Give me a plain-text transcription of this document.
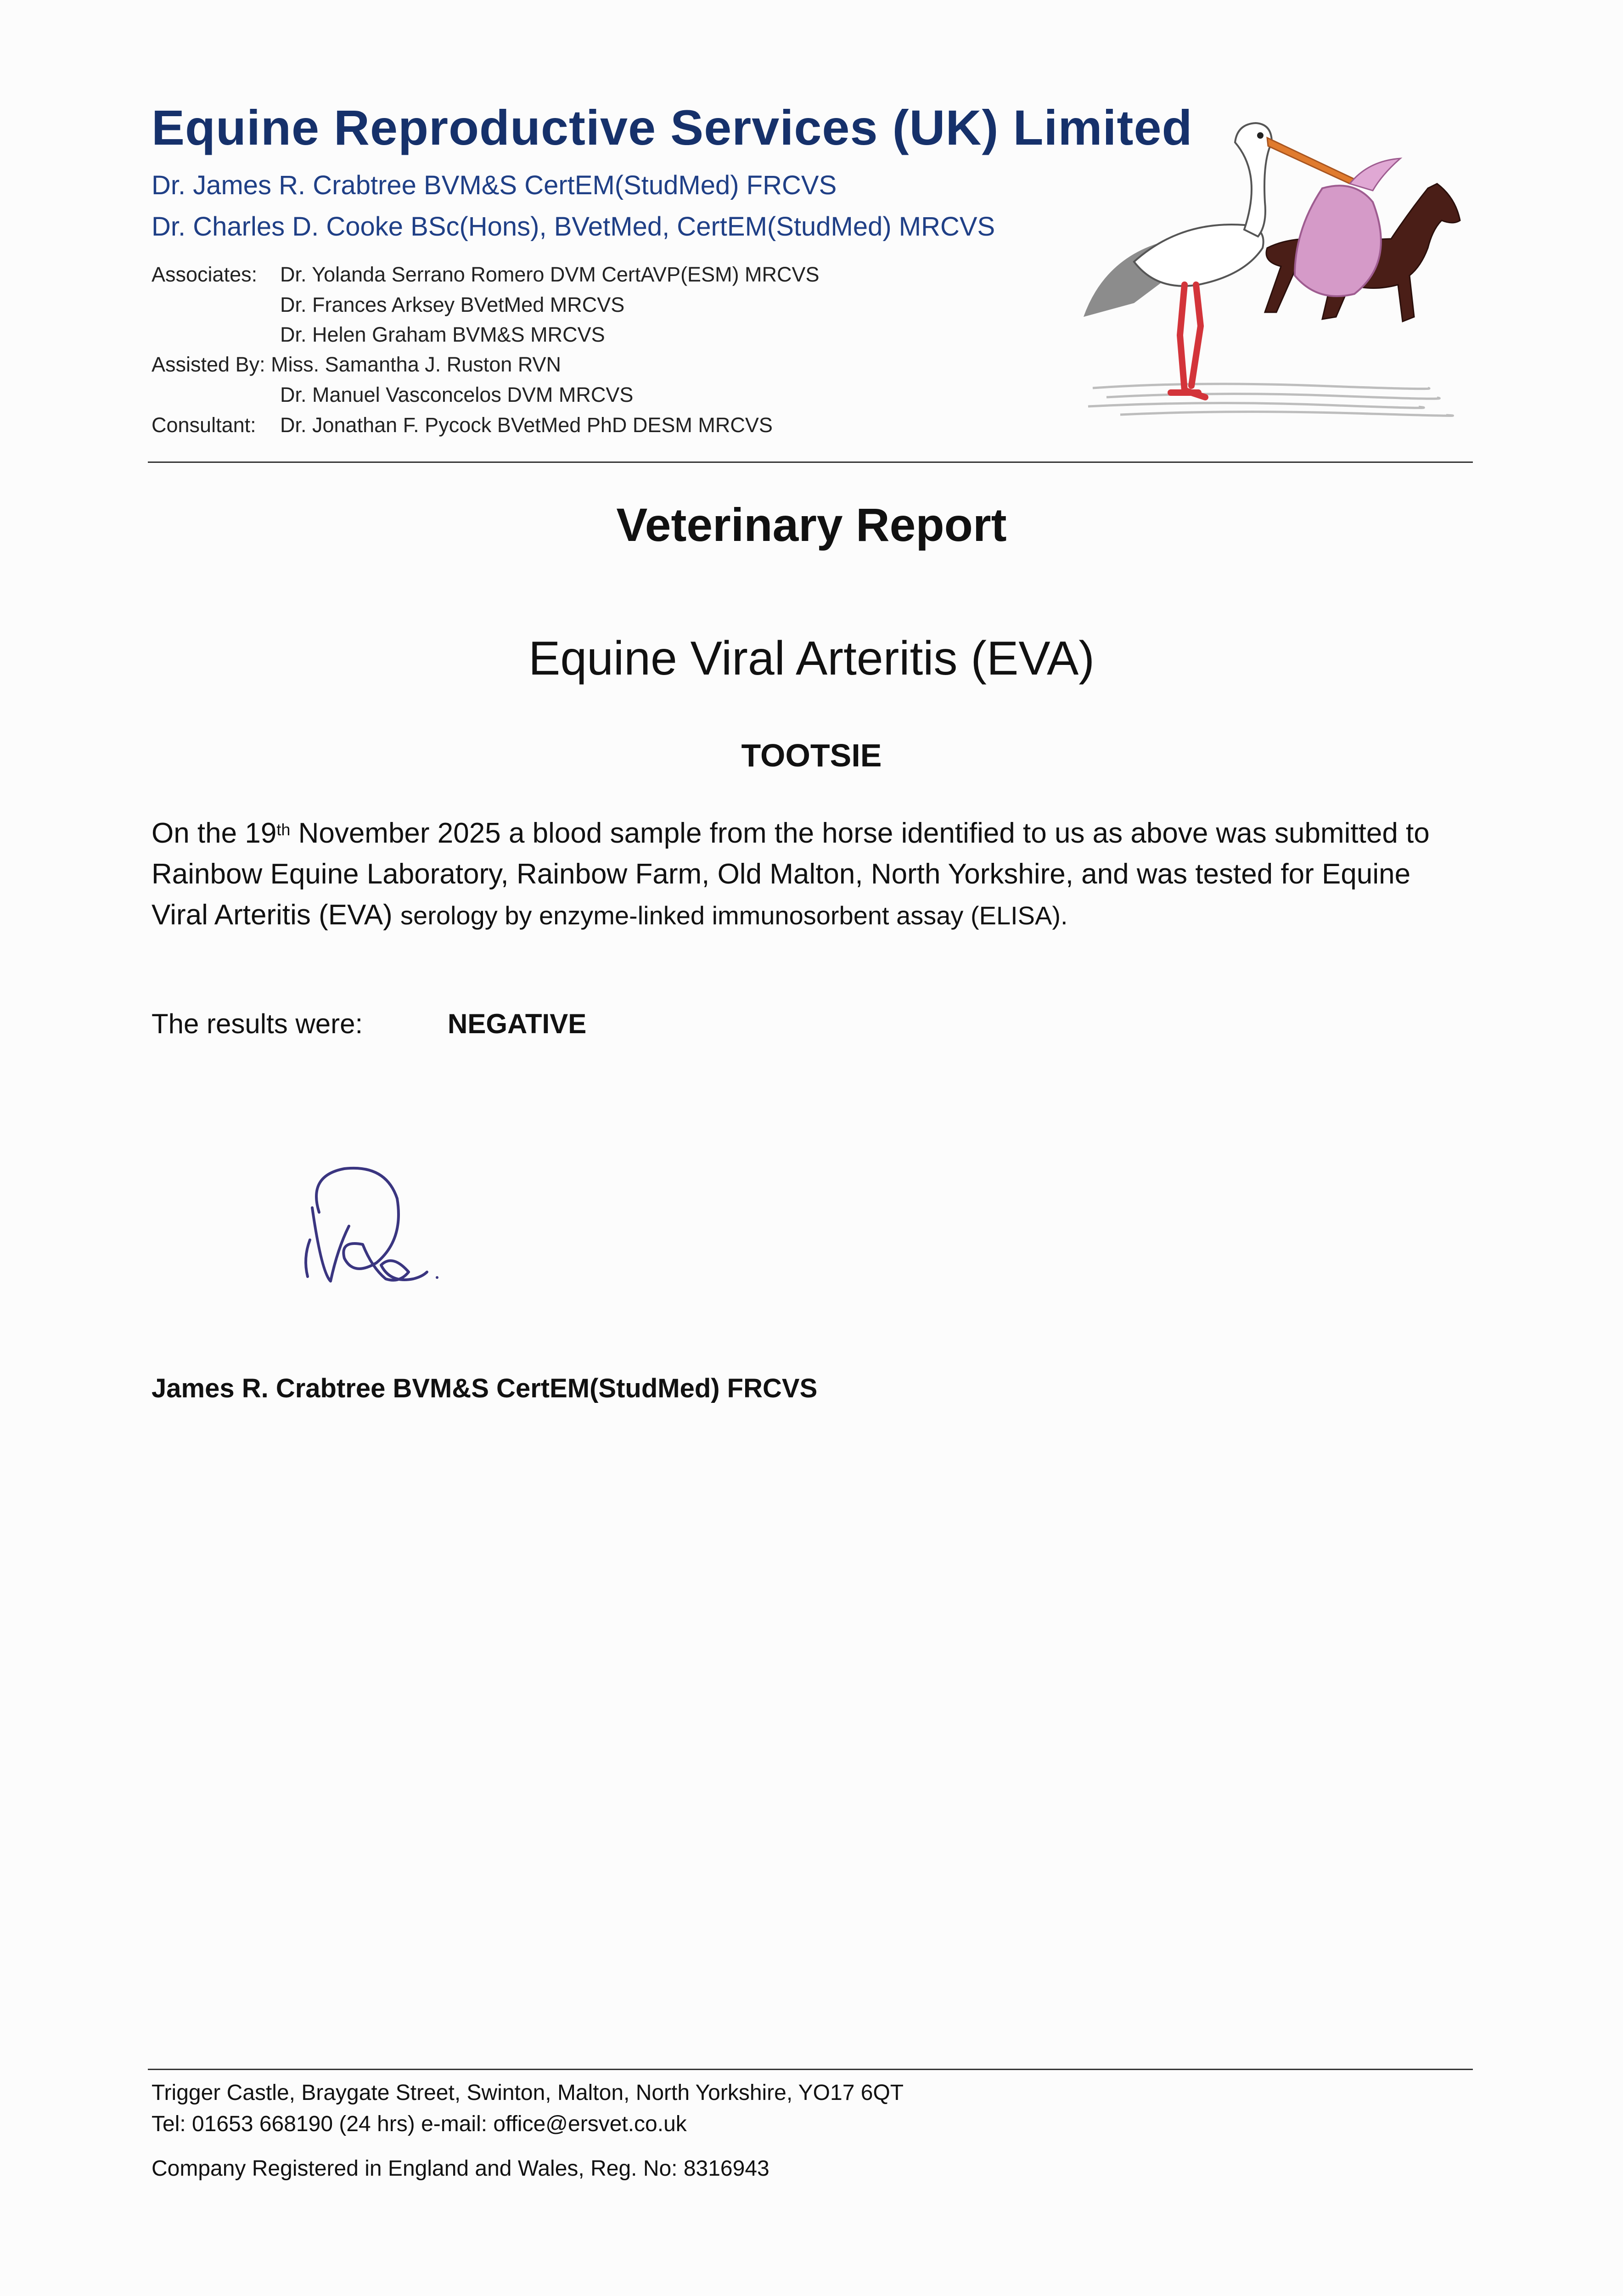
Equine Reproductive Services (UK) Limited
Dr. James R. Crabtree BVM&S CertEM(StudMed) FRCVS
Dr. Charles D. Cooke BSc(Hons), BVetMed, CertEM(StudMed) MRCVS
Associates: Dr. Yolanda Serrano Romero DVM CertAVP(ESM) MRCVS
Dr. Frances Arksey BVetMed MRCVS
Dr. Helen Graham BVM&S MRCVS
Assisted By: Miss. Samantha J. Ruston RVN
Dr. Manuel Vasconcelos DVM MRCVS
Consultant: Dr. Jonathan F. Pycock BVetMed PhD DESM MRCVS
Veterinary Report
Equine Viral Arteritis (EVA)
TOOTSIE
On the 19th November 2025 a blood sample from the horse identified to us as above was submitted to Rainbow Equine Laboratory, Rainbow Farm, Old Malton, North Yorkshire, and was tested for Equine Viral Arteritis (EVA) serology by enzyme-linked immunosorbent assay (ELISA).
The results were:	NEGATIVE
James R. Crabtree BVM&S CertEM(StudMed) FRCVS
Trigger Castle, Braygate Street, Swinton, Malton, North Yorkshire, YO17 6QT
Tel: 01653 668190 (24 hrs) e-mail: office@ersvet.co.uk
Company Registered in England and Wales, Reg. No: 8316943
